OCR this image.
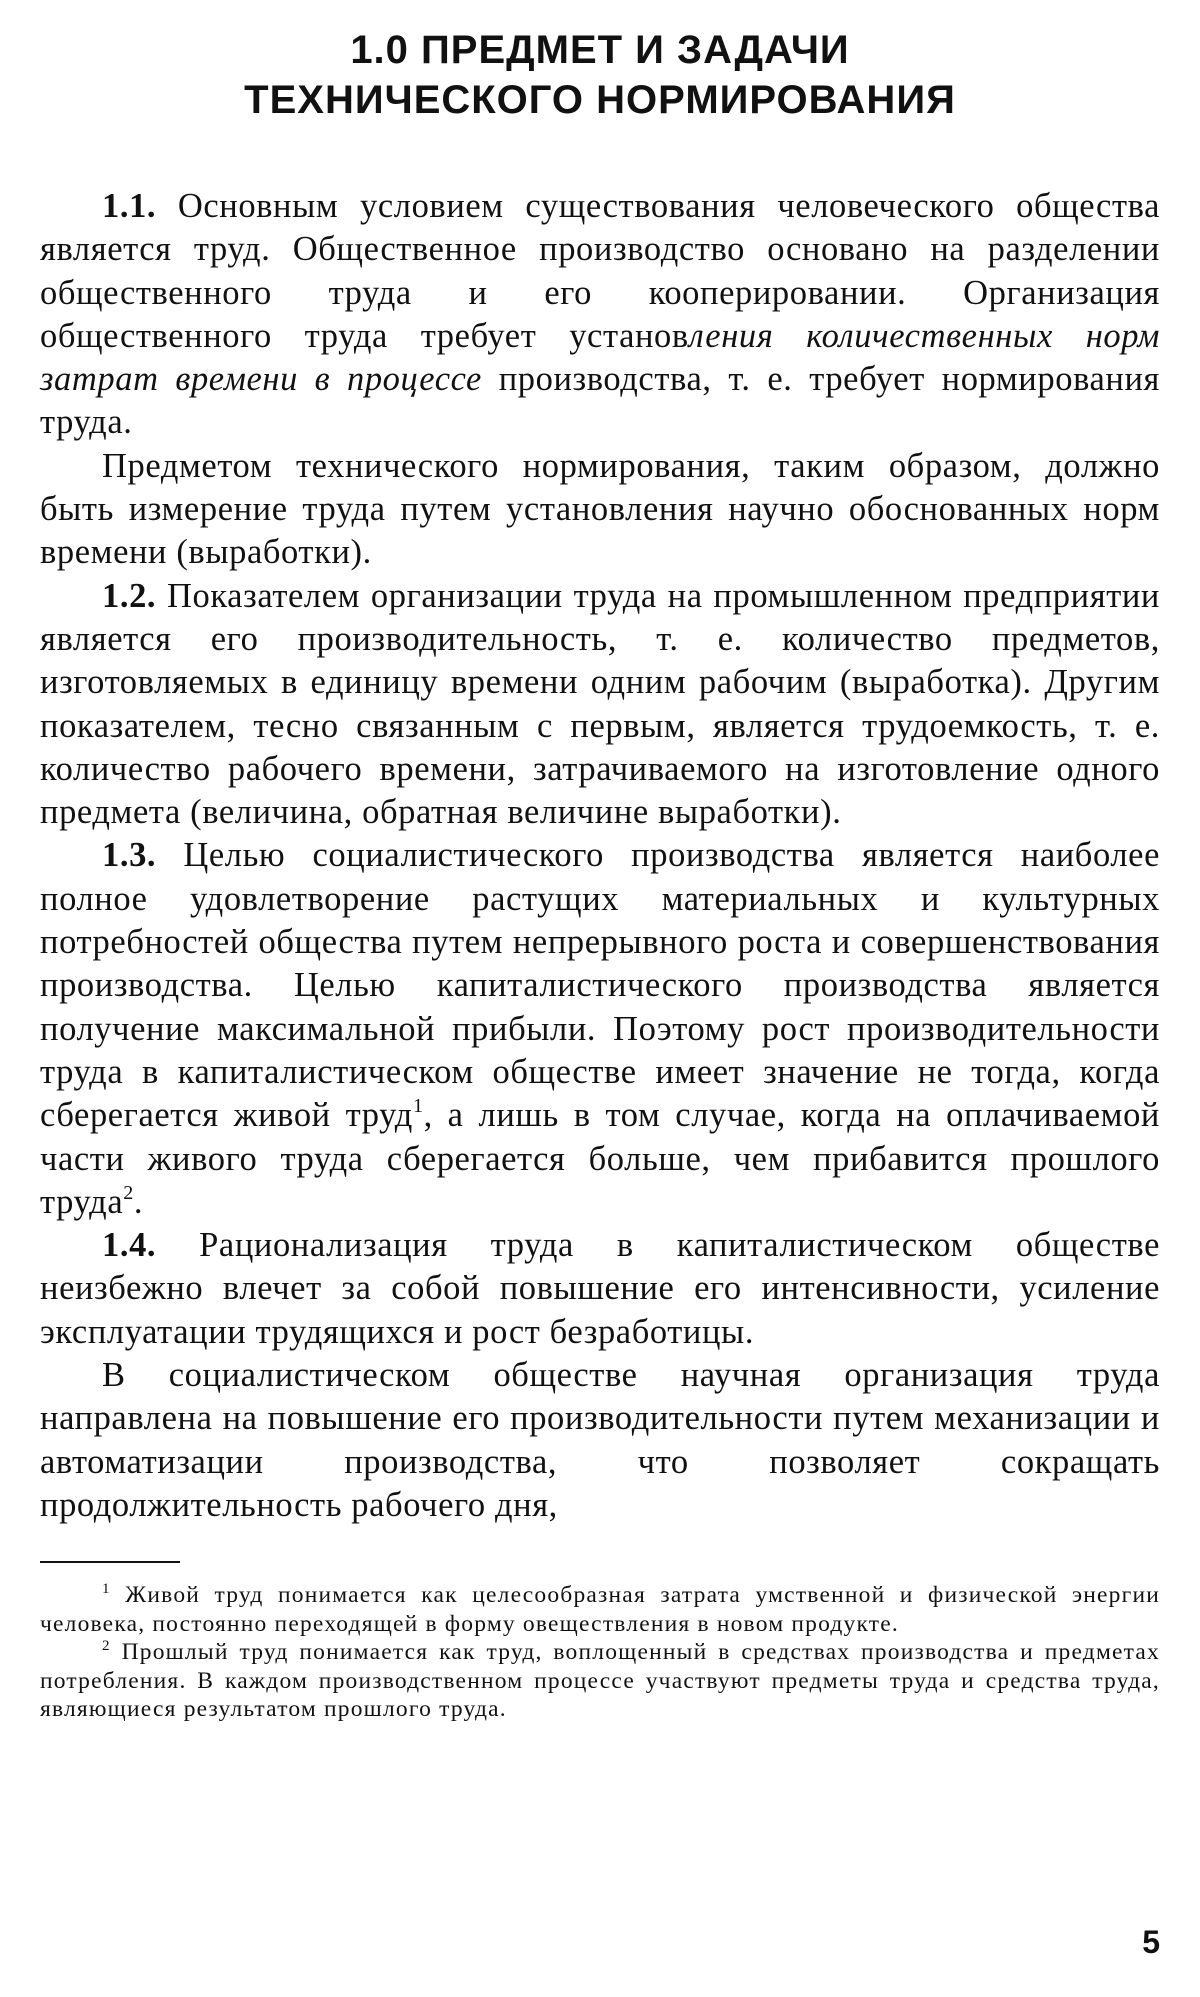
1.0 ПРЕДМЕТ И ЗАДАЧИ
ТЕХНИЧЕСКОГО НОРМИРОВАНИЯ

1.1. Основным условием существования человеческого общества является труд. Общественное производство основано на разделении общественного труда и его кооперировании. Организация общественного труда требует установления количественных норм затрат времени в процессе производства, т. е. требует нормирования труда.

Предметом технического нормирования, таким образом, должно быть измерение труда путем установления научно обоснованных норм времени (выработки).

1.2. Показателем организации труда на промышленном предприятии является его производительность, т. е. количество предметов, изготовляемых в единицу времени одним рабочим (выработка). Другим показателем, тесно связанным с первым, является трудоемкость, т. е. количество рабочего времени, затрачиваемого на изготовление одного предмета (величина, обратная величине выработки).

1.3. Целью социалистического производства является наиболее полное удовлетворение растущих материальных и культурных потребностей общества путем непрерывного роста и совершенствования производства. Целью капиталистического производства является получение максимальной прибыли. Поэтому рост производительности труда в капиталистическом обществе имеет значение не тогда, когда сберегается живой труд$^1$, а лишь в том случае, когда на оплачиваемой части живого труда сберегается больше, чем прибавится прошлого труда$^2$.

1.4. Рационализация труда в капиталистическом обществе неизбежно влечет за собой повышение его интенсивности, усиление эксплуатации трудящихся и рост безработицы.

В социалистическом обществе научная организация труда направлена на повышение его производительности путем механизации и автоматизации производства, что позволяет сокращать продолжительность рабочего дня,

$^1$ Живой труд понимается как целесообразная затрата умственной и физической энергии человека, постоянно переходящей в форму овеществления в новом продукте.

$^2$ Прошлый труд понимается как труд, воплощенный в средствах производства и предметах потребления. В каждом производственном процессе участвуют предметы труда и средства труда, являющиеся результатом прошлого труда.

5
